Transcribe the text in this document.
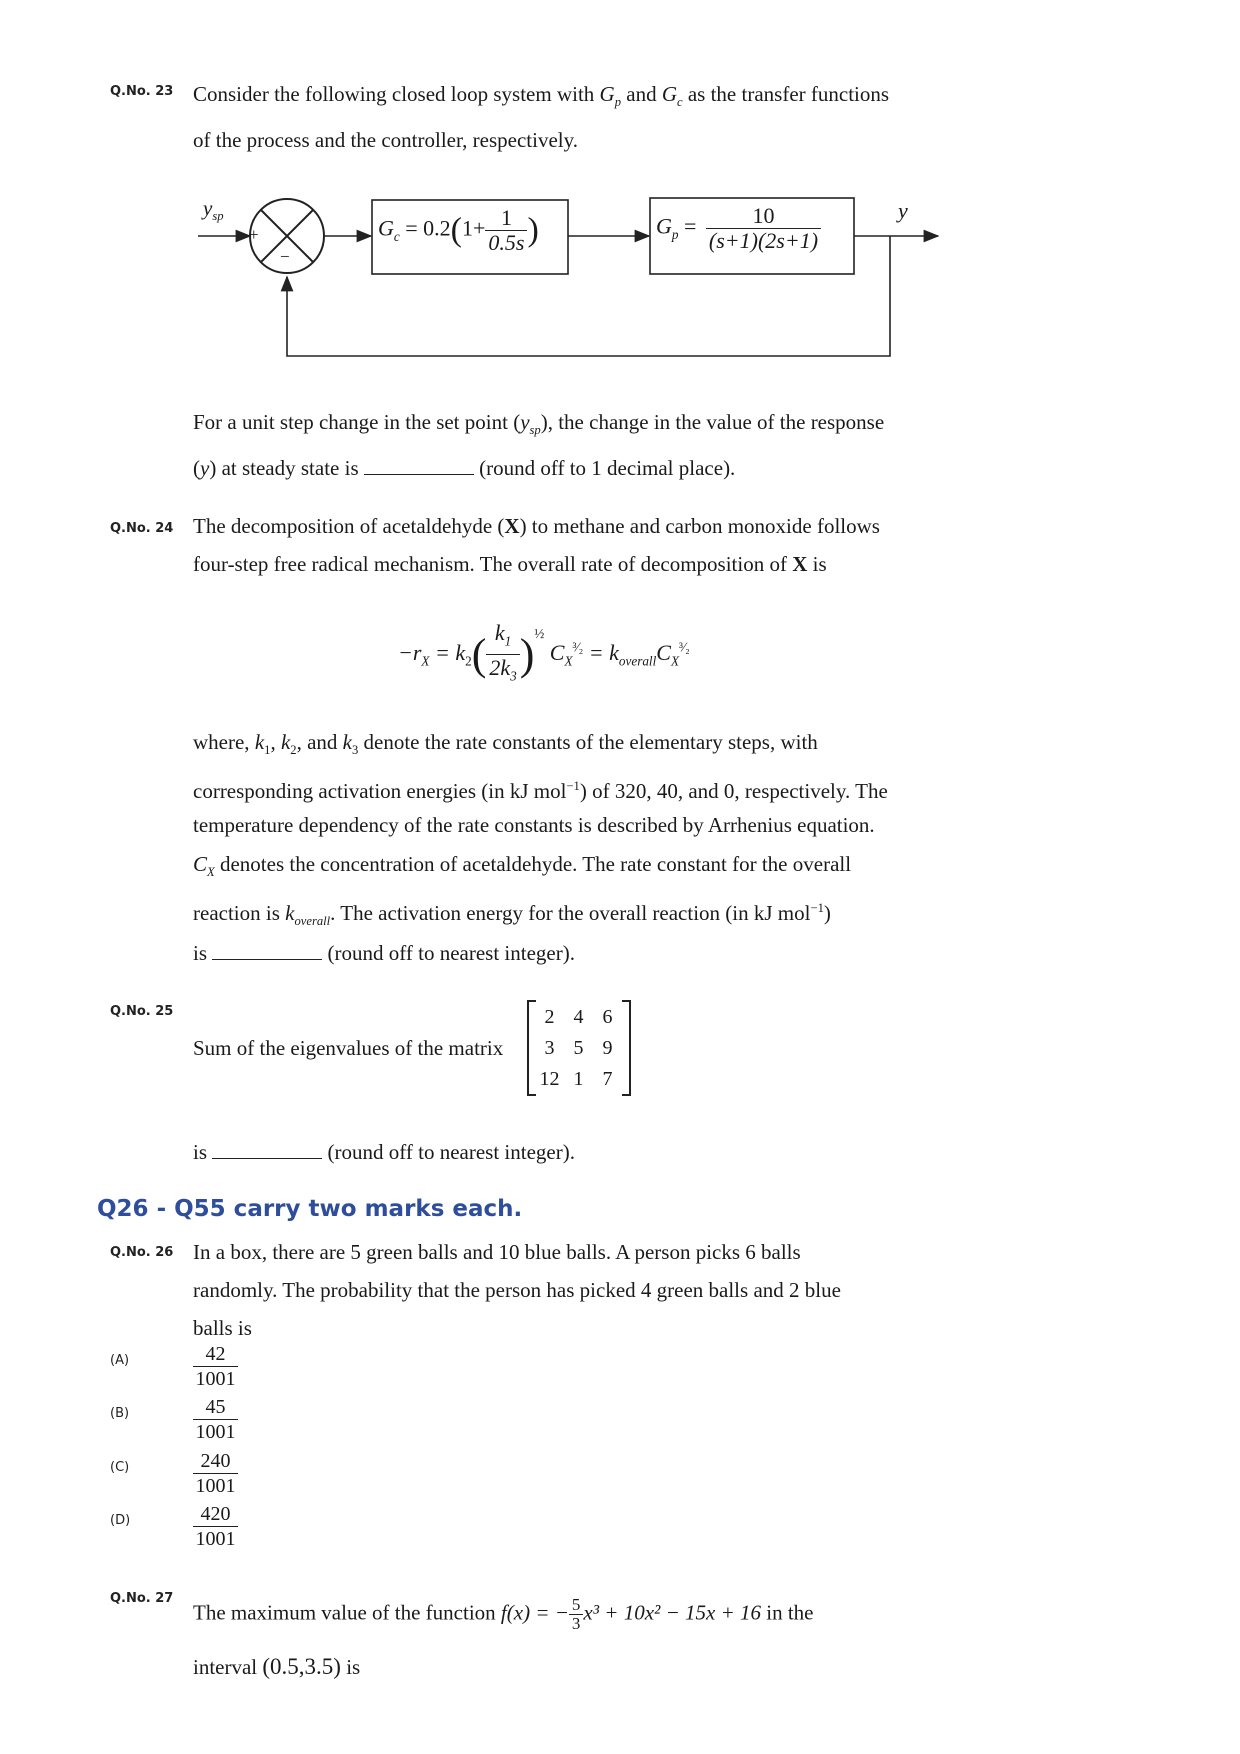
Q.No. 23 Consider the following closed loop system with $G_p$ and $G_c$ as the transfer functions
of the process and the controller, respectively.
$y_{sp}$
+
−
$G_c = 0.2(1+ \frac{1}{0.5s}$ )	$G_p = \frac{10}{(s+1)(2s+1)}$	y
For a unit step change in the set point $(y_{sp})$, the change in the value of the response
(y) at steady state is	(round off to 1 decimal place).
Q.No. 24 The decomposition of acetaldehyde (X) to methane and carbon monoxide follows
four-step free radical mechanism. The overall rate of decomposition of X is
$-r_X = k_2( \frac{k_1}{2k_3} )^{\frac{1}{2}}$ $C_X^{^3⁄_2} = k_{overall}C_X^{^3⁄_2}$
where, $k_1$, $k_2$, and $k_3$ denote the rate constants of the elementary steps, with
corresponding activation energies (in kJ mol$^{-1}$) of 320, 40, and 0, respectively. The
temperature dependency of the rate constants is described by Arrhenius equation.
$C_X$ denotes the concentration of acetaldehyde. The rate constant for the overall
reaction is $k_{overall}$. The activation energy for the overall reaction (in kJ mol$^{-1}$)
is	(round off to nearest integer).
Q.No. 25
Sum of the eigenvalues of the matrix
2	4	6
3	5	9
12	1	7
is	(round off to nearest integer).
Q26 - Q55 carry two marks each.
Q.No. 26 In a box, there are 5 green balls and 10 blue balls. A person picks 6 balls
randomly. The probability that the person has picked 4 green balls and 2 blue
balls is
(A)	42
1001
(B)	45
1001
(C)	240
1001
(D)	420
1001
Q.No. 27
The maximum value of the function f(x) = − $\frac{5}{3} x^3 + 10x^2 - 15x + 16$ in the
interval (0.5,3.5) is
